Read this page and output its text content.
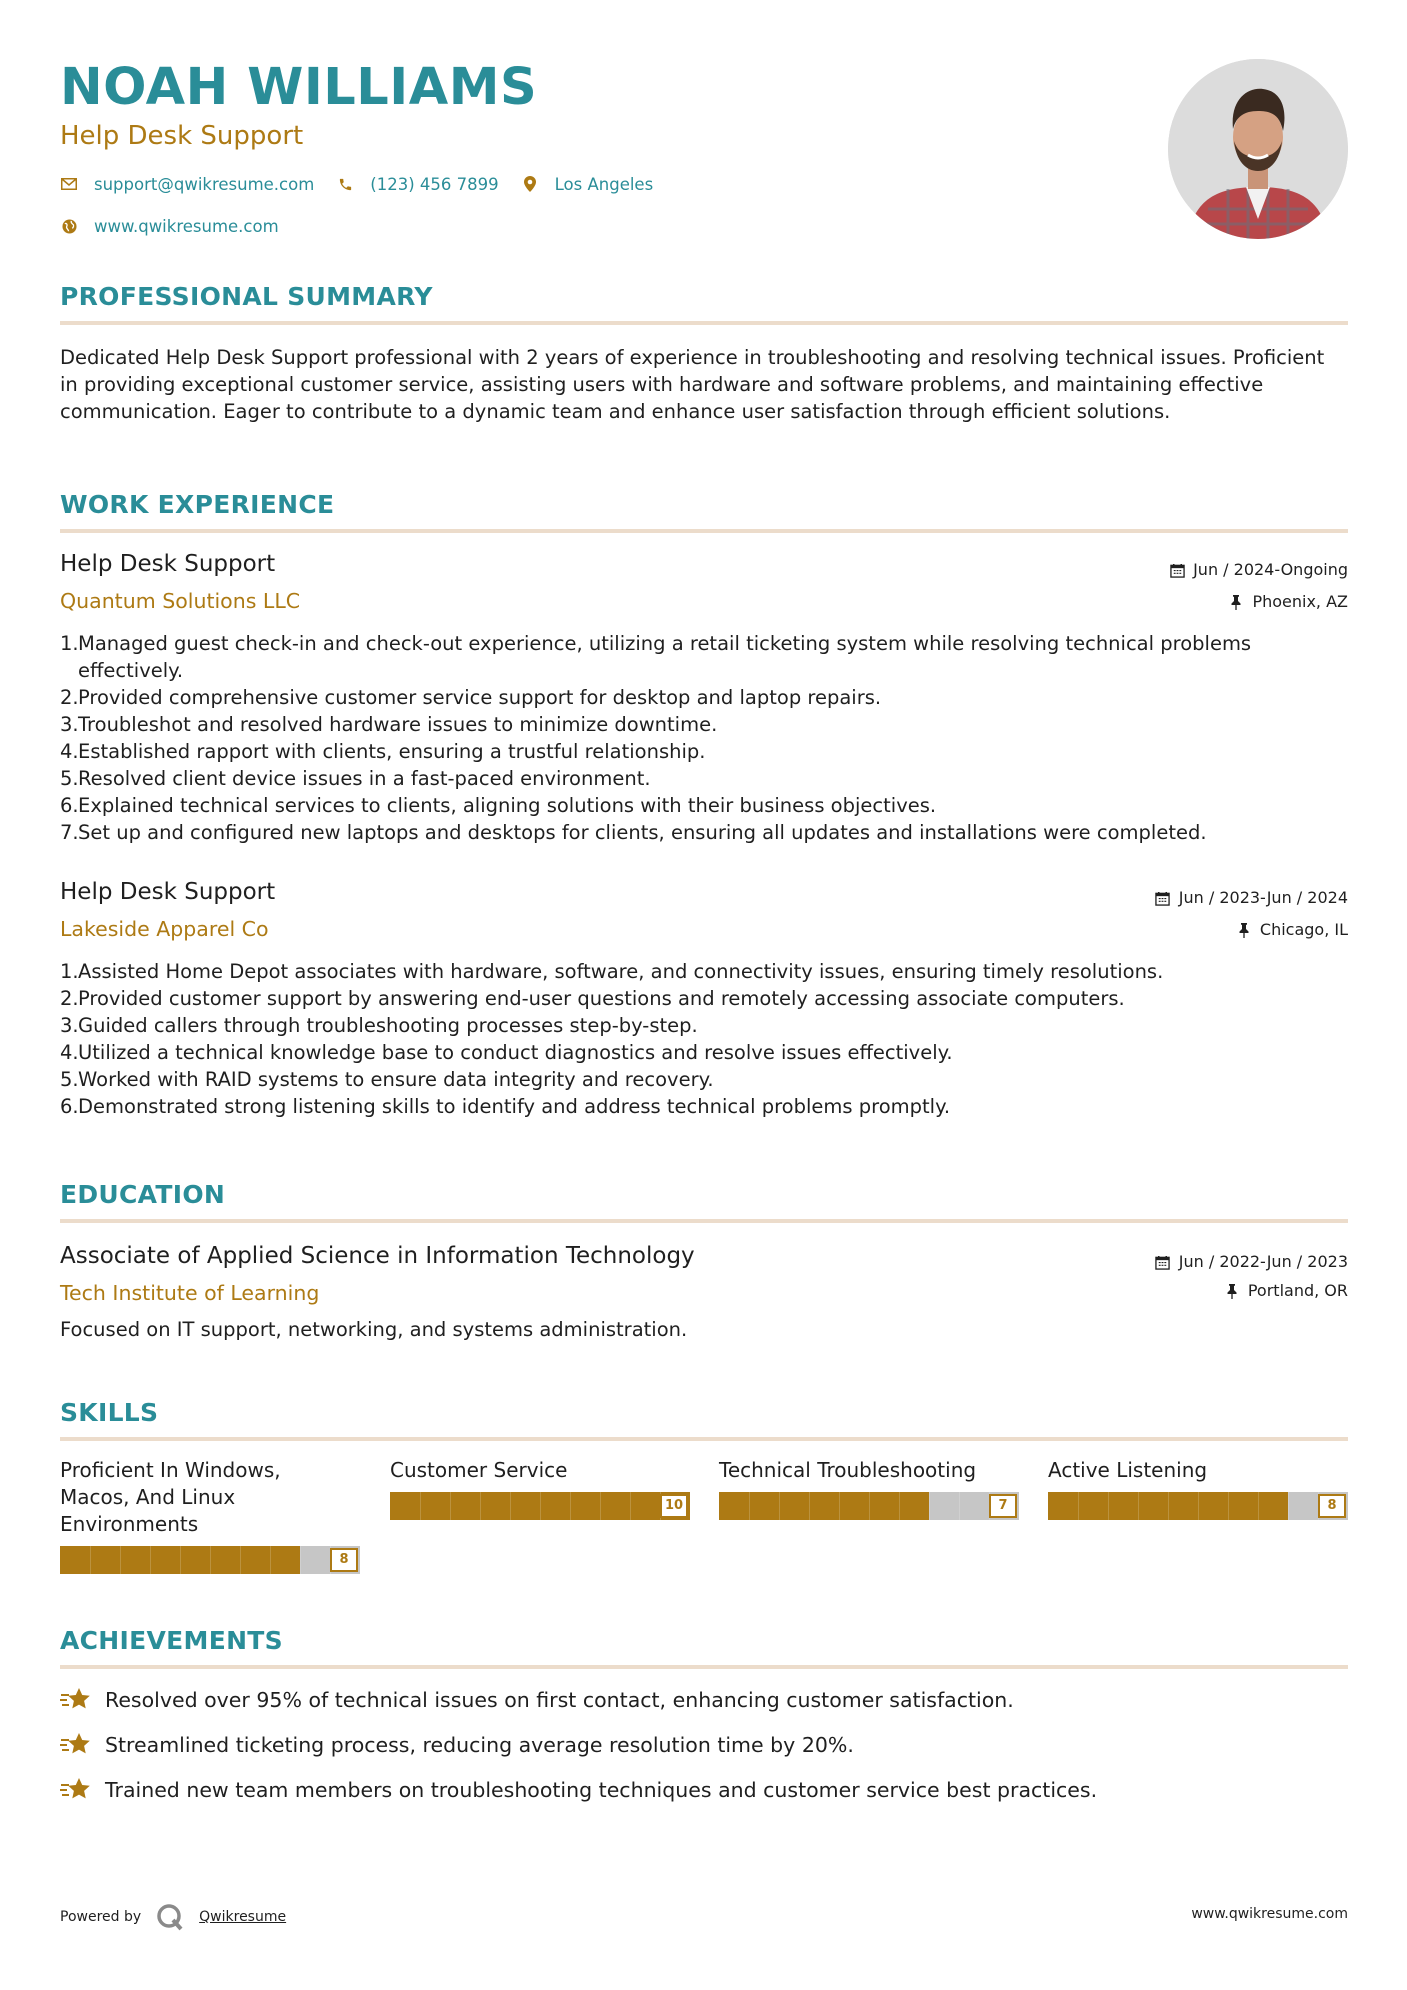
NOAH WILLIAMS
Help Desk Support
support@qwikresume.com	(123) 456 7899	Los Angeles
www.qwikresume.com
PROFESSIONAL SUMMARY
Dedicated Help Desk Support professional with 2 years of experience in troubleshooting and resolving technical issues. Proficient in providing exceptional customer service, assisting users with hardware and software problems, and maintaining effective communication. Eager to contribute to a dynamic team and enhance user satisfaction through efficient solutions.
WORK EXPERIENCE
Help Desk Support	Jun / 2024-Ongoing
Quantum Solutions LLC	Phoenix, AZ
1. Managed guest check-in and check-out experience, utilizing a retail ticketing system while resolving technical problems effectively.
2. Provided comprehensive customer service support for desktop and laptop repairs.
3. Troubleshot and resolved hardware issues to minimize downtime.
4. Established rapport with clients, ensuring a trustful relationship.
5. Resolved client device issues in a fast-paced environment.
6. Explained technical services to clients, aligning solutions with their business objectives.
7. Set up and configured new laptops and desktops for clients, ensuring all updates and installations were completed.
Help Desk Support	Jun / 2023-Jun / 2024
Lakeside Apparel Co	Chicago, IL
1. Assisted Home Depot associates with hardware, software, and connectivity issues, ensuring timely resolutions.
2. Provided customer support by answering end-user questions and remotely accessing associate computers.
3. Guided callers through troubleshooting processes step-by-step.
4. Utilized a technical knowledge base to conduct diagnostics and resolve issues effectively.
5. Worked with RAID systems to ensure data integrity and recovery.
6. Demonstrated strong listening skills to identify and address technical problems promptly.
EDUCATION
Associate of Applied Science in Information Technology	Jun / 2022-Jun / 2023
Tech Institute of Learning	Portland, OR
Focused on IT support, networking, and systems administration.
SKILLS
Proficient In Windows, Macos, And Linux Environments
8
Customer Service
10
Technical Troubleshooting
7
Active Listening
8
ACHIEVEMENTS
Resolved over 95% of technical issues on first contact, enhancing customer satisfaction.
Streamlined ticketing process, reducing average resolution time by 20%.
Trained new team members on troubleshooting techniques and customer service best practices.
Powered by	Qwikresume	www.qwikresume.com
